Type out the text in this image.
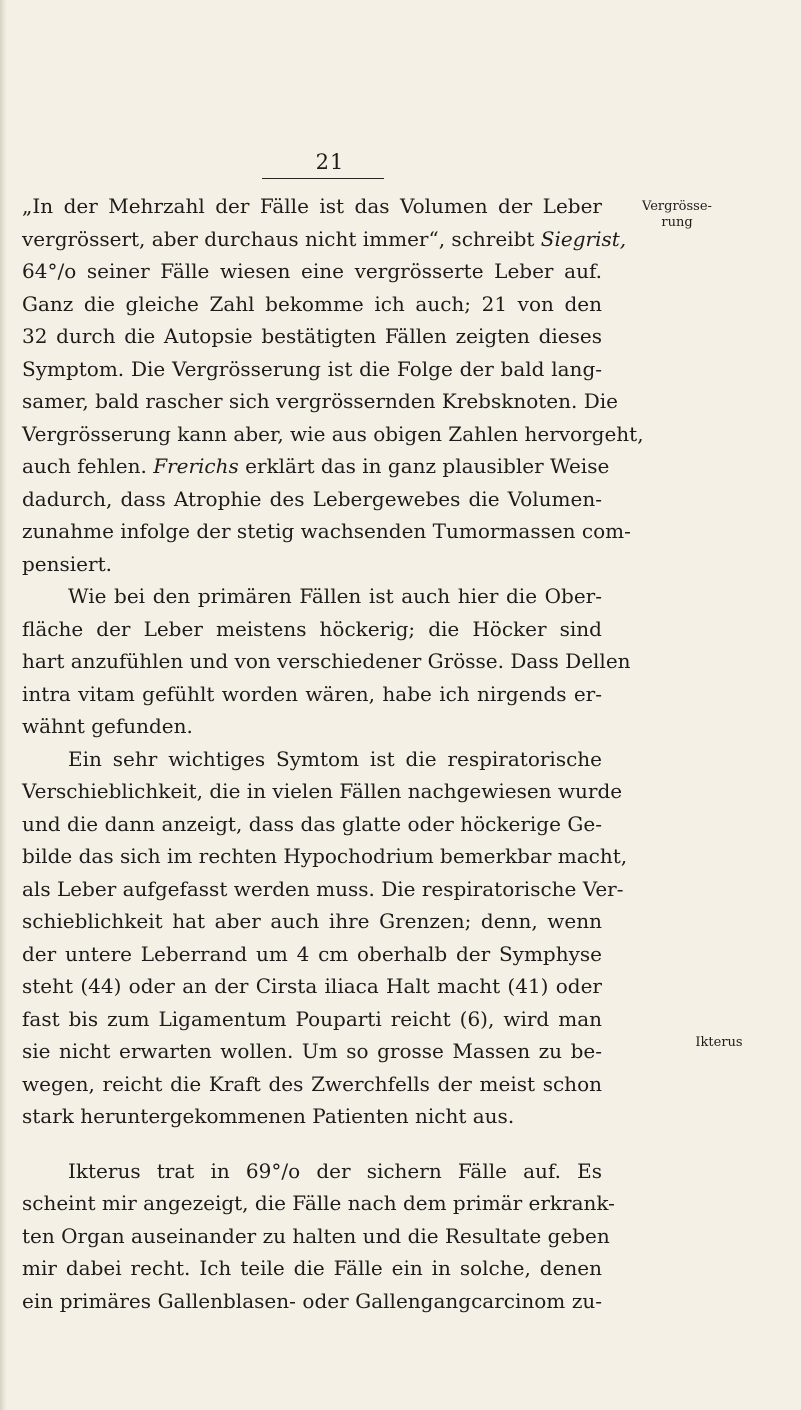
21
Vergrösse-
rung
Ikterus
„In der Mehrzahl der Fälle ist das Volumen der Leber
vergrössert, aber durchaus nicht immer“, schreibt Siegrist,
64°/o seiner Fälle wiesen eine vergrösserte Leber auf.
Ganz die gleiche Zahl bekomme ich auch; 21 von den
32 durch die Autopsie bestätigten Fällen zeigten dieses
Symptom. Die Vergrösserung ist die Folge der bald lang-
samer, bald rascher sich vergrössernden Krebsknoten. Die
Vergrösserung kann aber, wie aus obigen Zahlen hervorgeht,
auch fehlen. Frerichs erklärt das in ganz plausibler Weise
dadurch, dass Atrophie des Lebergewebes die Volumen-
zunahme infolge der stetig wachsenden Tumormassen com-
pensiert.
Wie bei den primären Fällen ist auch hier die Ober-
fläche der Leber meistens höckerig; die Höcker sind
hart anzufühlen und von verschiedener Grösse. Dass Dellen
intra vitam gefühlt worden wären, habe ich nirgends er-
wähnt gefunden.
Ein sehr wichtiges Symtom ist die respiratorische
Verschieblichkeit, die in vielen Fällen nachgewiesen wurde
und die dann anzeigt, dass das glatte oder höckerige Ge-
bilde das sich im rechten Hypochodrium bemerkbar macht,
als Leber aufgefasst werden muss. Die respiratorische Ver-
schieblichkeit hat aber auch ihre Grenzen; denn, wenn
der untere Leberrand um 4 cm oberhalb der Symphyse
steht (44) oder an der Cirsta iliaca Halt macht (41) oder
fast bis zum Ligamentum Pouparti reicht (6), wird man
sie nicht erwarten wollen. Um so grosse Massen zu be-
wegen, reicht die Kraft des Zwerchfells der meist schon
stark heruntergekommenen Patienten nicht aus.
Ikterus trat in 69°/o der sichern Fälle auf. Es
scheint mir angezeigt, die Fälle nach dem primär erkrank-
ten Organ auseinander zu halten und die Resultate geben
mir dabei recht. Ich teile die Fälle ein in solche, denen
ein primäres Gallenblasen- oder Gallengangcarcinom zu-
